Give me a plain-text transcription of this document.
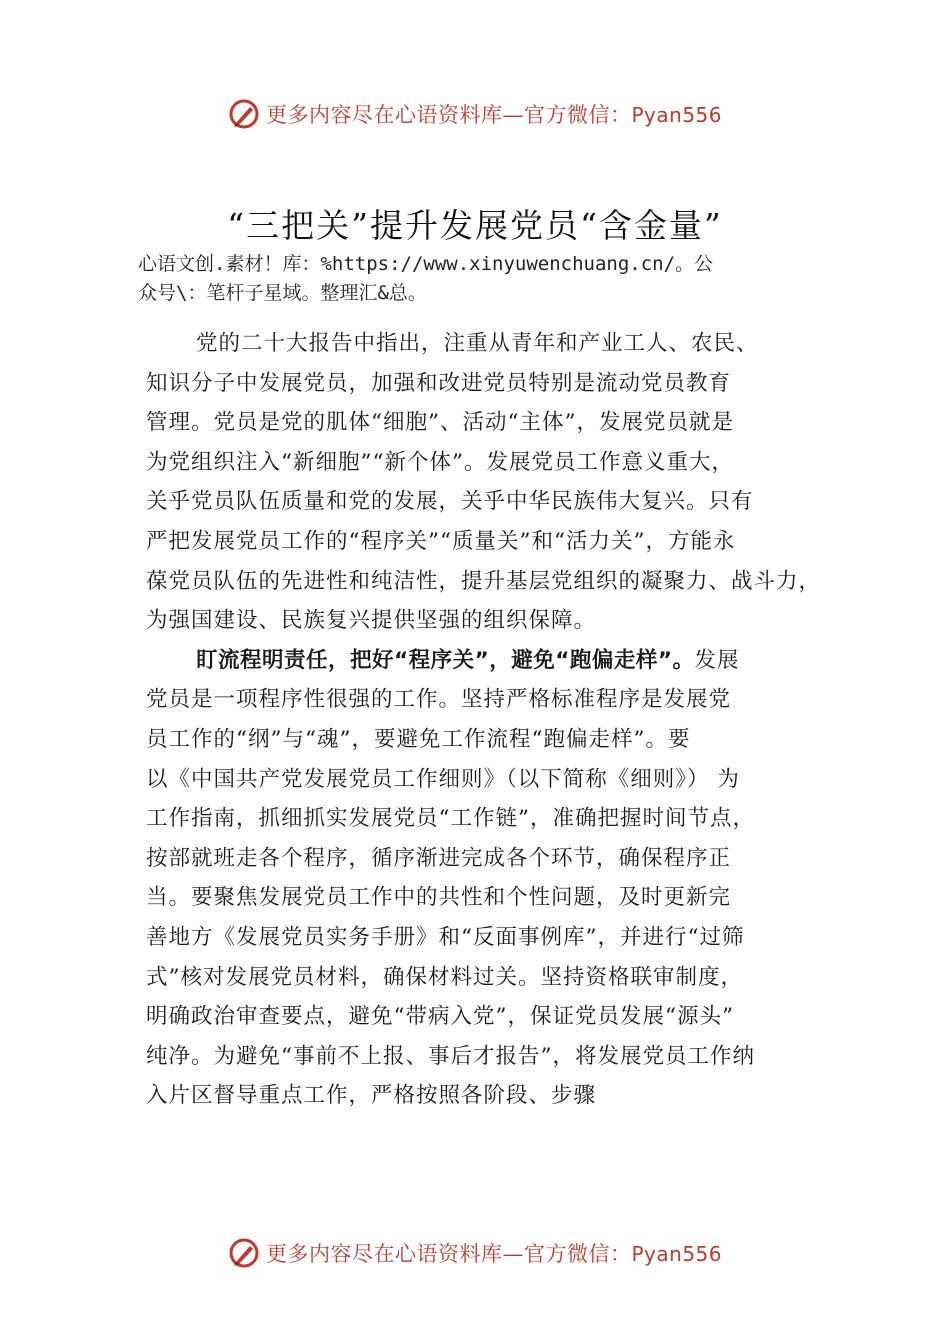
更多内容尽在心语资料库—官方微信：Pyan556
“三把关”提升发展党员“含金量”
心语文创.素材！库：%https://www.xinyuwenchuang.cn/。公
众号\：笔杆子星域。整理汇&总。
党的二十大报告中指出，注重从青年和产业工人、农民、
知识分子中发展党员，加强和改进党员特别是流动党员教育
管理。党员是党的肌体“细胞”、活动“主体”，发展党员就是
为党组织注入“新细胞”“新个体”。发展党员工作意义重大，
关乎党员队伍质量和党的发展，关乎中华民族伟大复兴。只有
严把发展党员工作的“程序关”“质量关”和“活力关”，方能永
葆党员队伍的先进性和纯洁性，提升基层党组织的凝聚力、战斗力，
为强国建设、民族复兴提供坚强的组织保障。
盯流程明责任，把好“程序关”，避免“跑偏走样”。发展
党员是一项程序性很强的工作。坚持严格标准程序是发展党
员工作的“纲”与“魂”，要避免工作流程“跑偏走样”。要
以《中国共产党发展党员工作细则》（以下简称《细则》） 为
工作指南，抓细抓实发展党员“工作链”，准确把握时间节点，
按部就班走各个程序，循序渐进完成各个环节，确保程序正
当。要聚焦发展党员工作中的共性和个性问题，及时更新完
善地方《发展党员实务手册》和“反面事例库”，并进行“过筛
式”核对发展党员材料，确保材料过关。坚持资格联审制度，
明确政治审查要点，避免“带病入党”，保证党员发展“源头”
纯净。为避免“事前不上报、事后才报告”，将发展党员工作纳
入片区督导重点工作，严格按照各阶段、步骤
更多内容尽在心语资料库—官方微信：Pyan556
